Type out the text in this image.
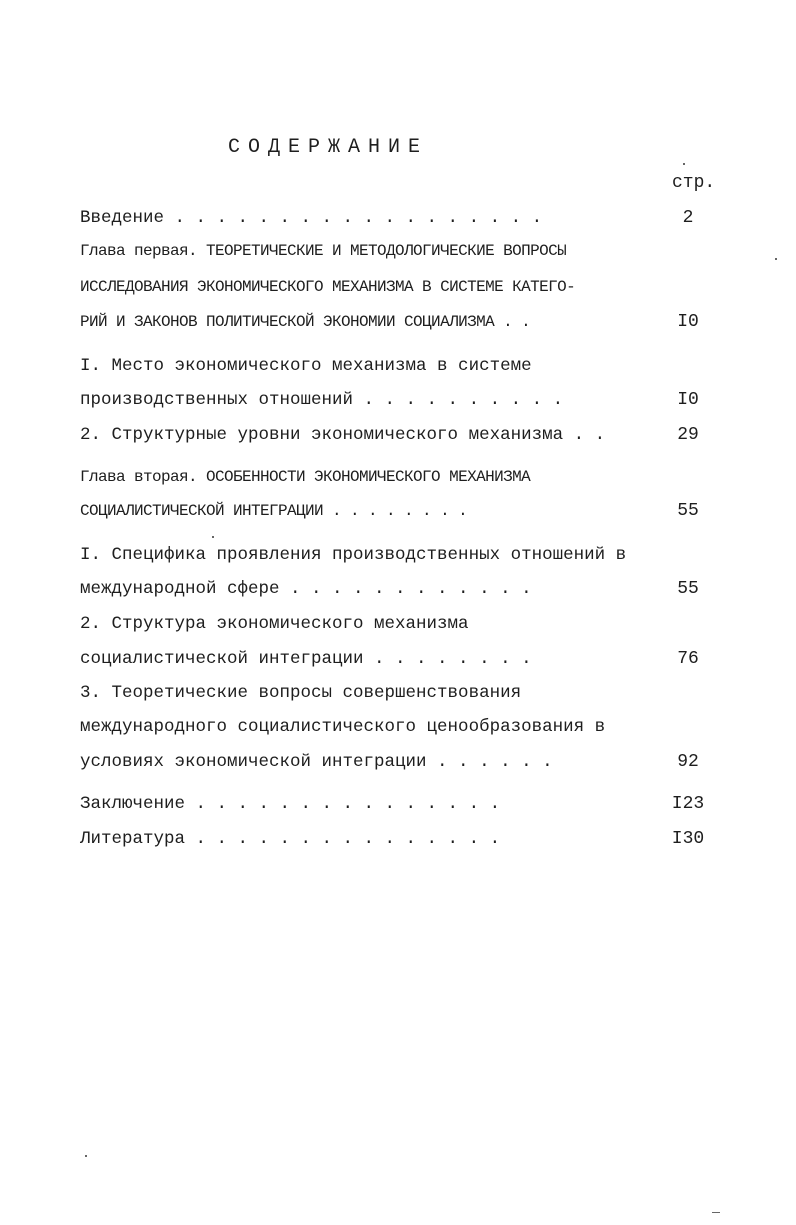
СОДЕРЖАНИЕ
стр.
Введение . . . . . . . . . . . . . . . . . .	2
Глава первая. ТЕОРЕТИЧЕСКИЕ И МЕТОДОЛОГИЧЕСКИЕ ВОПРОСЫ
ИССЛЕДОВАНИЯ ЭКОНОМИЧЕСКОГО МЕХАНИЗМА В СИСТЕМЕ КАТЕГО-
РИЙ И ЗАКОНОВ ПОЛИТИЧЕСКОЙ ЭКОНОМИИ СОЦИАЛИЗМА . .	I0
I. Место экономического механизма в системе
производственных отношений . . . . . . . . . .	I0
2. Структурные уровни экономического механизма . .	29
Глава вторая. ОСОБЕННОСТИ ЭКОНОМИЧЕСКОГО МЕХАНИЗМА
СОЦИАЛИСТИЧЕСКОЙ ИНТЕГРАЦИИ . . . . . . . .	55
I. Специфика проявления производственных отношений в
международной сфере . . . . . . . . . . . .	55
2. Структура экономического механизма
социалистической интеграции . . . . . . . .	76
3. Теоретические вопросы совершенствования
международного социалистического ценообразования в
условиях экономической интеграции . . . . . .	92
Заключение . . . . . . . . . . . . . . .	I23
Литература . . . . . . . . . . . . . . .	I30
